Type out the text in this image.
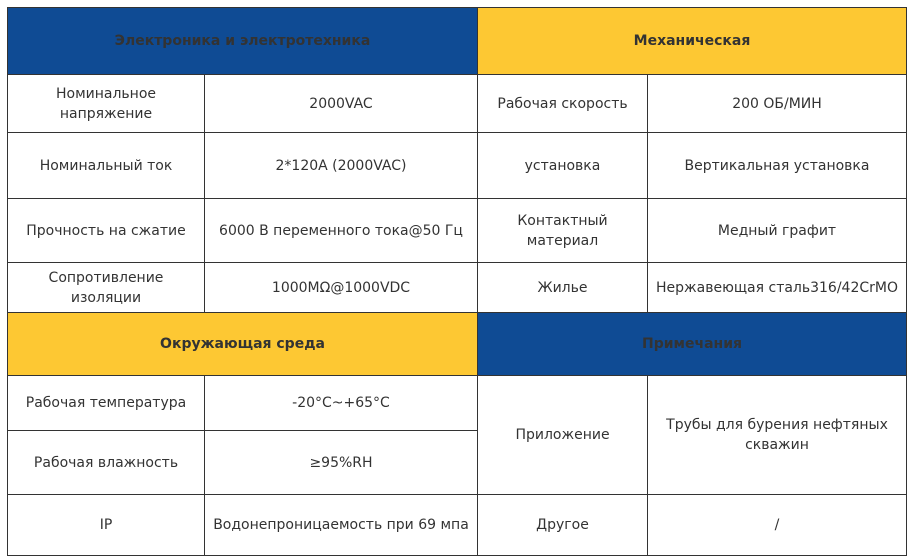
Электроника и электротехника		Механическая	
Номинальное напряжение	2000VAC	Рабочая скорость	200 ОБ/МИН
Номинальный ток	2*120A (2000VAC)	установка	Вертикальная установка
Прочность на сжатие	6000 В переменного тока@50 Гц	Контактный материал	Медный графит
Сопротивление изоляции	1000MΩ@1000VDC	Жилье	Нержавеющая сталь316/42CrMO
Окружающая среда		Примечания	
Рабочая температура	-20°C~+65°C	Приложение	Трубы для бурения нефтяных скважин
Рабочая влажность	≥95%RH		
IP	Водонепроницаемость при 69 мпа	Другое	/
